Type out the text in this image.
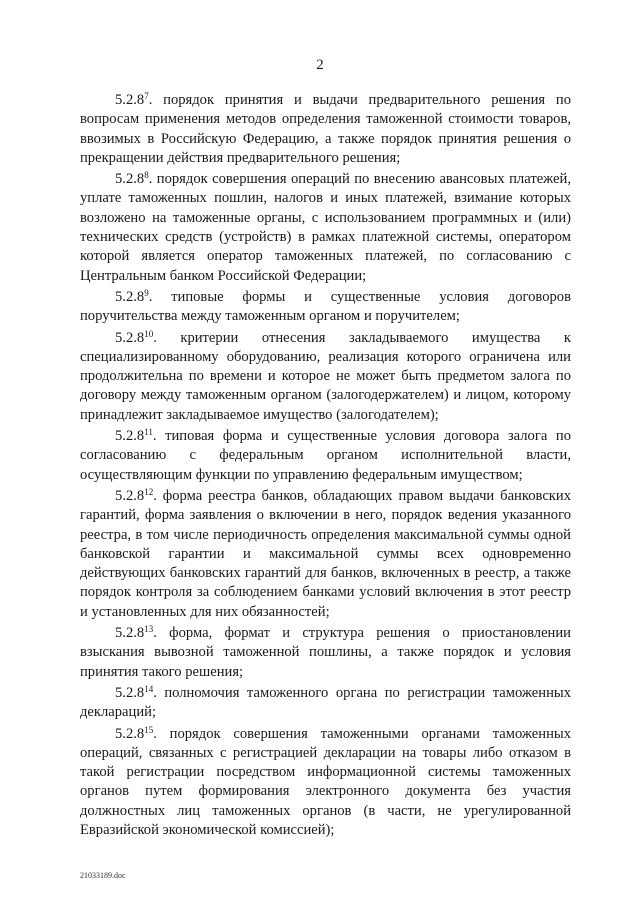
2

5.2.8$^7$. порядок принятия и выдачи предварительного решения по вопросам применения методов определения таможенной стоимости товаров, ввозимых в Российскую Федерацию, а также порядок принятия решения о прекращении действия предварительного решения;

5.2.8$^8$. порядок совершения операций по внесению авансовых платежей, уплате таможенных пошлин, налогов и иных платежей, взимание которых возложено на таможенные органы, с использованием программных и (или) технических средств (устройств) в рамках платежной системы, оператором которой является оператор таможенных платежей, по согласованию с Центральным банком Российской Федерации;

5.2.8$^9$. типовые формы и существенные условия договоров поручительства между таможенным органом и поручителем;

5.2.8$^{10}$. критерии отнесения закладываемого имущества к специализированному оборудованию, реализация которого ограничена или продолжительна по времени и которое не может быть предметом залога по договору между таможенным органом (залогодержателем) и лицом, которому принадлежит закладываемое имущество (залогодателем);

5.2.8$^{11}$. типовая форма и существенные условия договора залога по согласованию с федеральным органом исполнительной власти, осуществляющим функции по управлению федеральным имуществом;

5.2.8$^{12}$. форма реестра банков, обладающих правом выдачи банковских гарантий, форма заявления о включении в него, порядок ведения указанного реестра, в том числе периодичность определения максимальной суммы одной банковской гарантии и максимальной суммы всех одновременно действующих банковских гарантий для банков, включенных в реестр, а также порядок контроля за соблюдением банками условий включения в этот реестр и установленных для них обязанностей;

5.2.8$^{13}$. форма, формат и структура решения о приостановлении взыскания вывозной таможенной пошлины, а также порядок и условия принятия такого решения;

5.2.8$^{14}$. полномочия таможенного органа по регистрации таможенных деклараций;

5.2.8$^{15}$. порядок совершения таможенными органами таможенных операций, связанных с регистрацией декларации на товары либо отказом в такой регистрации посредством информационной системы таможенных органов путем формирования электронного документа без участия должностных лиц таможенных органов (в части, не урегулированной Евразийской экономической комиссией);

21033189.doc
